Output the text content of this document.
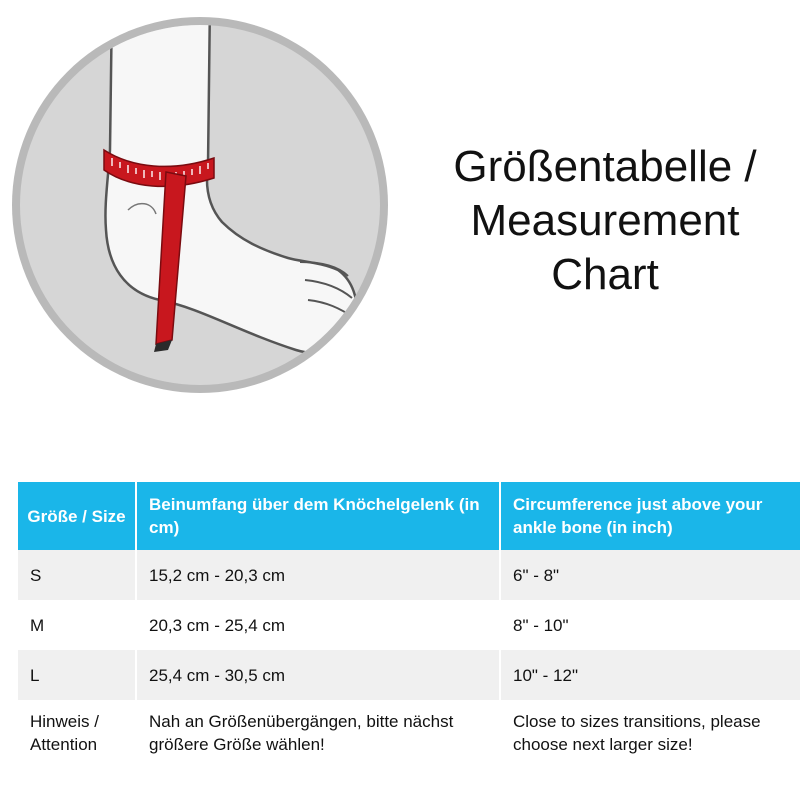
Größentabelle /
Measurement
Chart
Größe / Size	Beinumfang über dem Knöchelgelenk (in cm)	Circumference just above your ankle bone (in inch)
S	15,2 cm - 20,3 cm	6" - 8"
M	20,3 cm - 25,4 cm	8" - 10"
L	25,4 cm - 30,5 cm	10" - 12"
Hinweis / Attention	Nah an Größenübergängen, bitte nächst größere Größe wählen!	Close to sizes transitions, please choose next larger size!
